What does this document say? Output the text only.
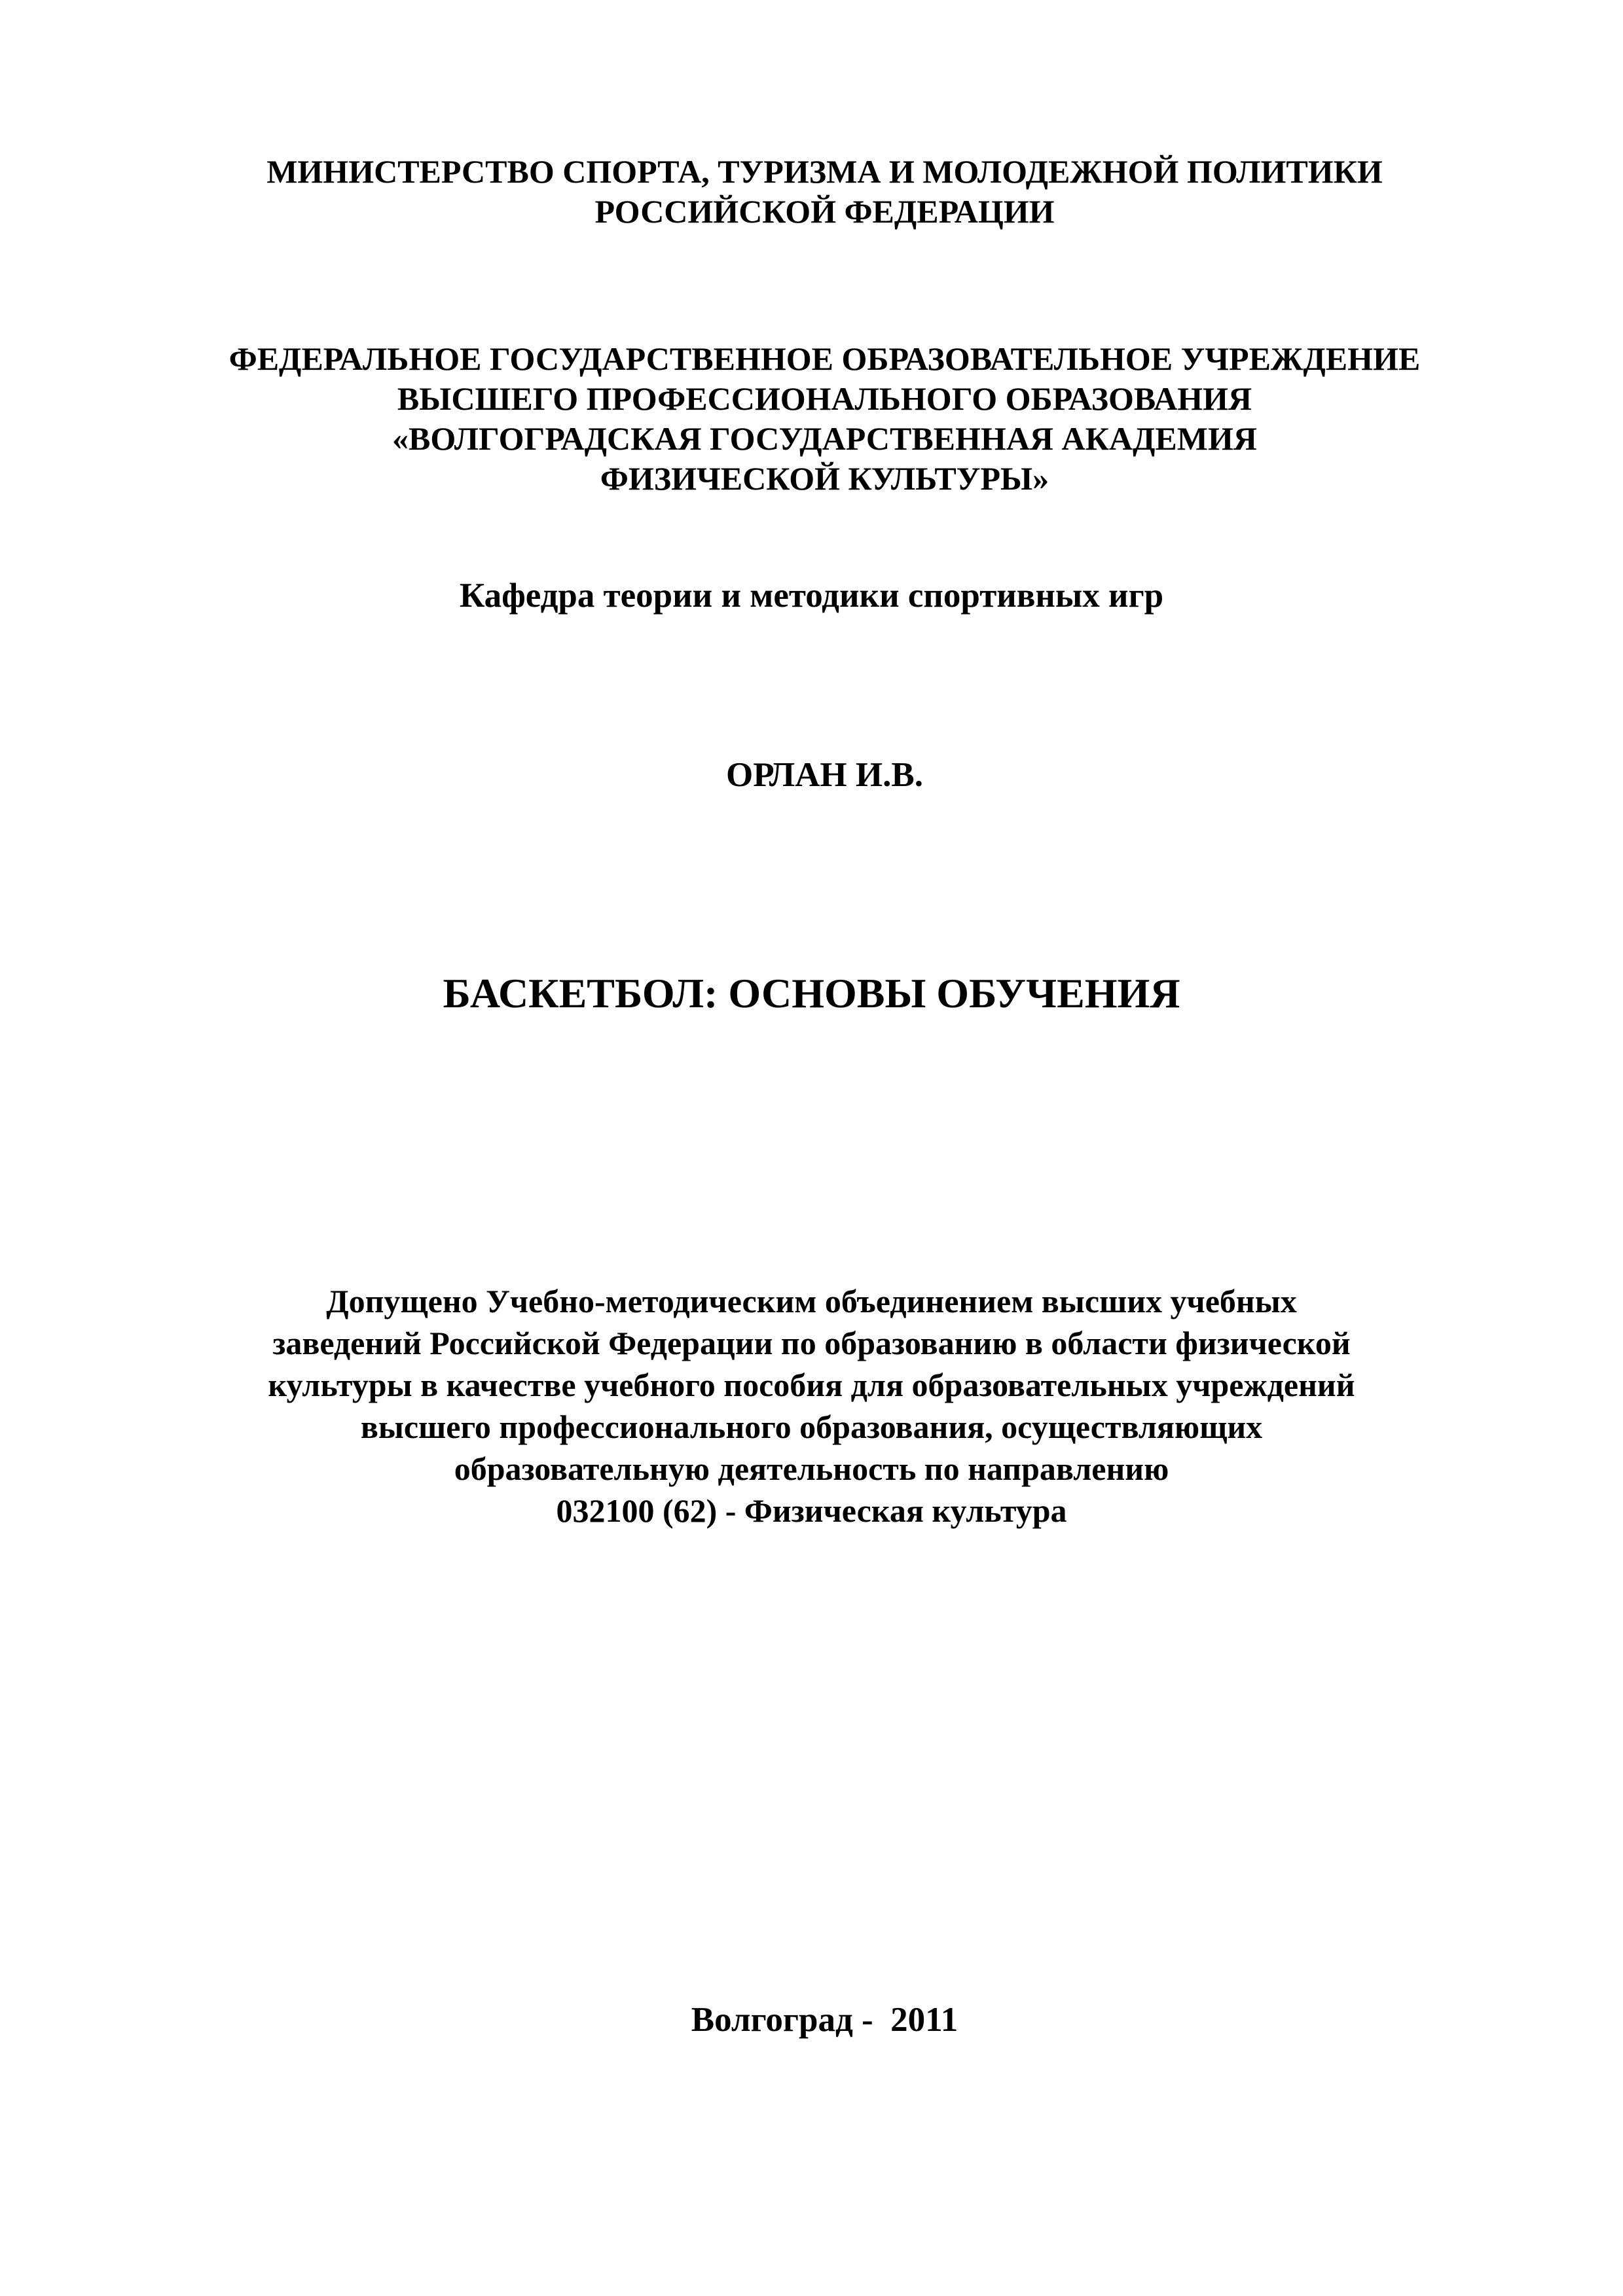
МИНИСТЕРСТВО СПОРТА, ТУРИЗМА И МОЛОДЕЖНОЙ ПОЛИТИКИ
РОССИЙСКОЙ ФЕДЕРАЦИИ
ФЕДЕРАЛЬНОЕ ГОСУДАРСТВЕННОЕ ОБРАЗОВАТЕЛЬНОЕ УЧРЕЖДЕНИЕ
ВЫСШЕГО ПРОФЕССИОНАЛЬНОГО ОБРАЗОВАНИЯ
«ВОЛГОГРАДСКАЯ ГОСУДАРСТВЕННАЯ АКАДЕМИЯ
ФИЗИЧЕСКОЙ КУЛЬТУРЫ»
Кафедра теории и методики спортивных игр
ОРЛАН И.В.
БАСКЕТБОЛ: ОСНОВЫ ОБУЧЕНИЯ
Допущено Учебно-методическим объединением высших учебных
заведений Российской Федерации по образованию в области физической
культуры в качестве учебного пособия для образовательных учреждений
высшего профессионального образования, осуществляющих
образовательную деятельность по направлению
032100 (62) - Физическая культура
Волгоград -  2011
